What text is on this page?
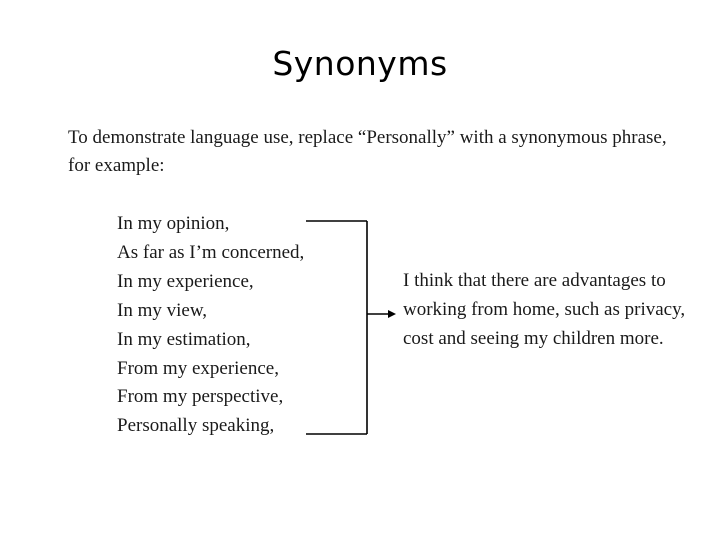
Synonyms
To demonstrate language use, replace “Personally” with a synonymous phrase, for example:
In my opinion,
As far as I’m concerned,
In my experience,
In my view,
In my estimation,
From my experience,
From my perspective,
Personally speaking,
I think that there are advantages to working from home, such as privacy, cost and seeing my children more.
